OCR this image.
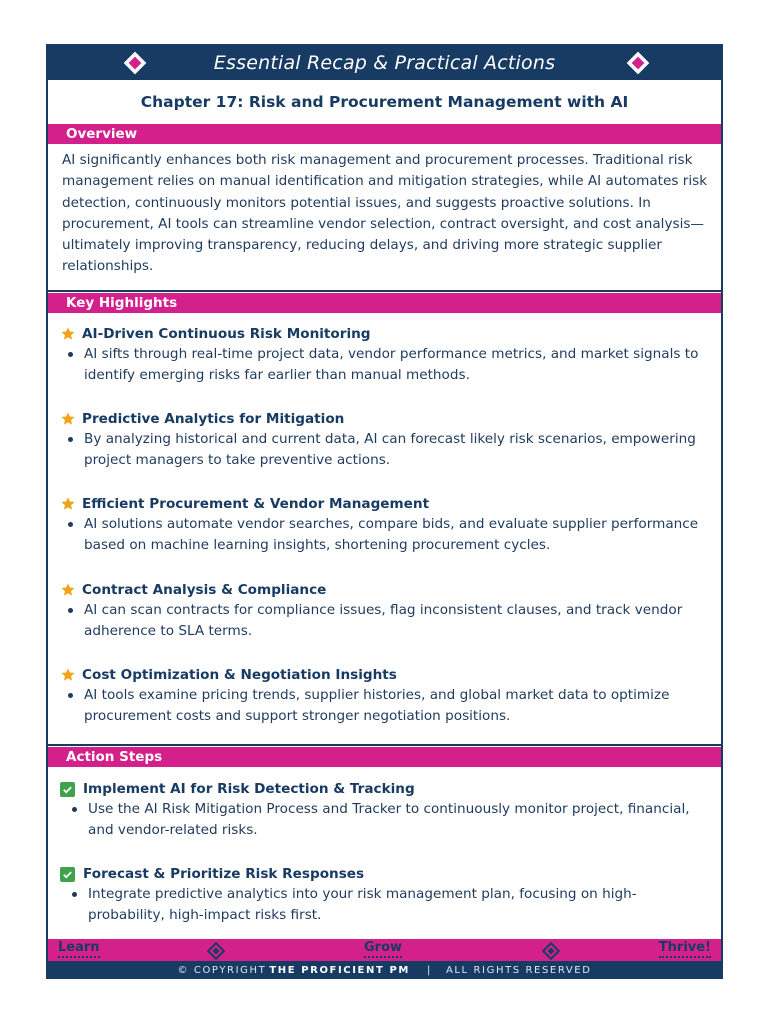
Essential Recap & Practical Actions
Chapter 17: Risk and Procurement Management with AI
Overview
AI significantly enhances both risk management and procurement processes. Traditional risk management relies on manual identification and mitigation strategies, while AI automates risk detection, continuously monitors potential issues, and suggests proactive solutions. In procurement, AI tools can streamline vendor selection, contract oversight, and cost analysis—ultimately improving transparency, reducing delays, and driving more strategic supplier relationships.
Key Highlights
AI-Driven Continuous Risk Monitoring
AI sifts through real-time project data, vendor performance metrics, and market signals to identify emerging risks far earlier than manual methods.
Predictive Analytics for Mitigation
By analyzing historical and current data, AI can forecast likely risk scenarios, empowering project managers to take preventive actions.
Efficient Procurement & Vendor Management
AI solutions automate vendor searches, compare bids, and evaluate supplier performance based on machine learning insights, shortening procurement cycles.
Contract Analysis & Compliance
AI can scan contracts for compliance issues, flag inconsistent clauses, and track vendor adherence to SLA terms.
Cost Optimization & Negotiation Insights
AI tools examine pricing trends, supplier histories, and global market data to optimize procurement costs and support stronger negotiation positions.
Action Steps
Implement AI for Risk Detection & Tracking
Use the AI Risk Mitigation Process and Tracker to continuously monitor project, financial, and vendor-related risks.
Forecast & Prioritize Risk Responses
Integrate predictive analytics into your risk management plan, focusing on high-probability, high-impact risks first.
Learn	Grow	Thrive!
© COPYRIGHT THE PROFICIENT PM | ALL RIGHTS RESERVED
